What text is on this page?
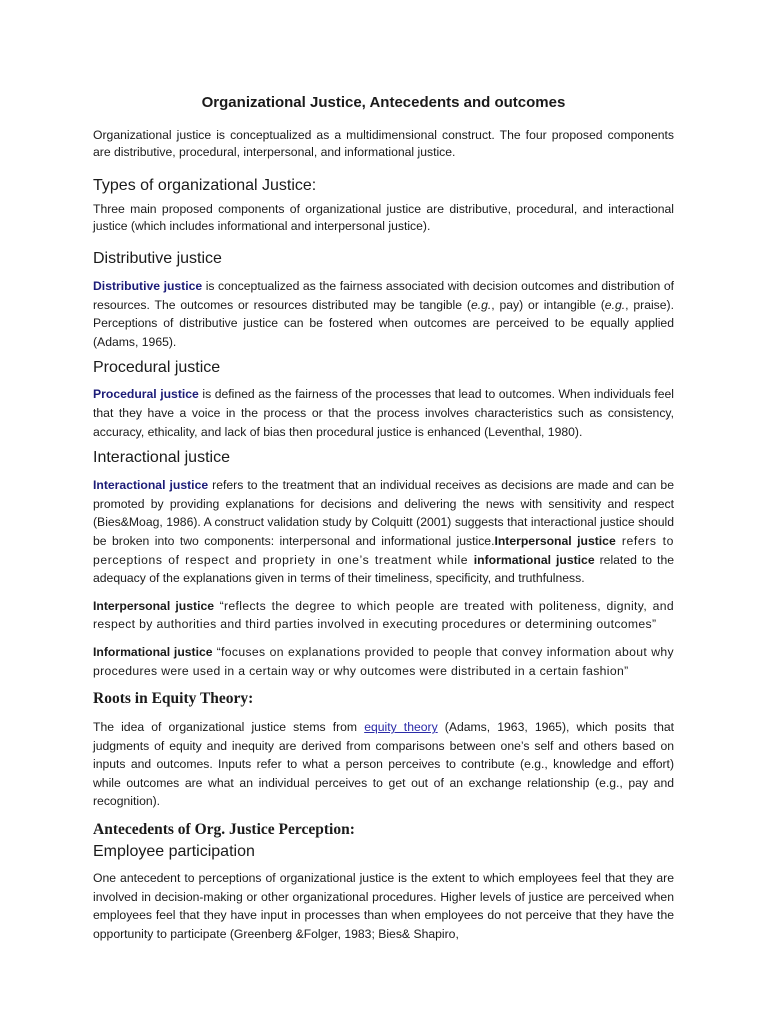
Organizational Justice, Antecedents and outcomes

Organizational justice is conceptualized as a multidimensional construct. The four proposed components are distributive, procedural, interpersonal, and informational justice.

Types of organizational Justice:

Three main proposed components of organizational justice are distributive, procedural, and interactional justice (which includes informational and interpersonal justice).

Distributive justice

Distributive justice is conceptualized as the fairness associated with decision outcomes and distribution of resources. The outcomes or resources distributed may be tangible (e.g., pay) or intangible (e.g., praise). Perceptions of distributive justice can be fostered when outcomes are perceived to be equally applied (Adams, 1965).

Procedural justice

Procedural justice is defined as the fairness of the processes that lead to outcomes. When individuals feel that they have a voice in the process or that the process involves characteristics such as consistency, accuracy, ethicality, and lack of bias then procedural justice is enhanced (Leventhal, 1980).

Interactional justice

Interactional justice refers to the treatment that an individual receives as decisions are made and can be promoted by providing explanations for decisions and delivering the news with sensitivity and respect (Bies&Moag, 1986). A construct validation study by Colquitt (2001) suggests that interactional justice should be broken into two components: interpersonal and informational justice.Interpersonal justice refers to perceptions of respect and propriety in one’s treatment while informational justice related to the adequacy of the explanations given in terms of their timeliness, specificity, and truthfulness.

Interpersonal justice “reflects the degree to which people are treated with politeness, dignity, and respect by authorities and third parties involved in executing procedures or determining outcomes”

Informational justice “focuses on explanations provided to people that convey information about why procedures were used in a certain way or why outcomes were distributed in a certain fashion”

Roots in Equity Theory:

The idea of organizational justice stems from equity theory (Adams, 1963, 1965), which posits that judgments of equity and inequity are derived from comparisons between one’s self and others based on inputs and outcomes. Inputs refer to what a person perceives to contribute (e.g., knowledge and effort) while outcomes are what an individual perceives to get out of an exchange relationship (e.g., pay and recognition).

Antecedents of Org. Justice Perception:
Employee participation

One antecedent to perceptions of organizational justice is the extent to which employees feel that they are involved in decision-making or other organizational procedures. Higher levels of justice are perceived when employees feel that they have input in processes than when employees do not perceive that they have the opportunity to participate (Greenberg &Folger, 1983; Bies& Shapiro,
